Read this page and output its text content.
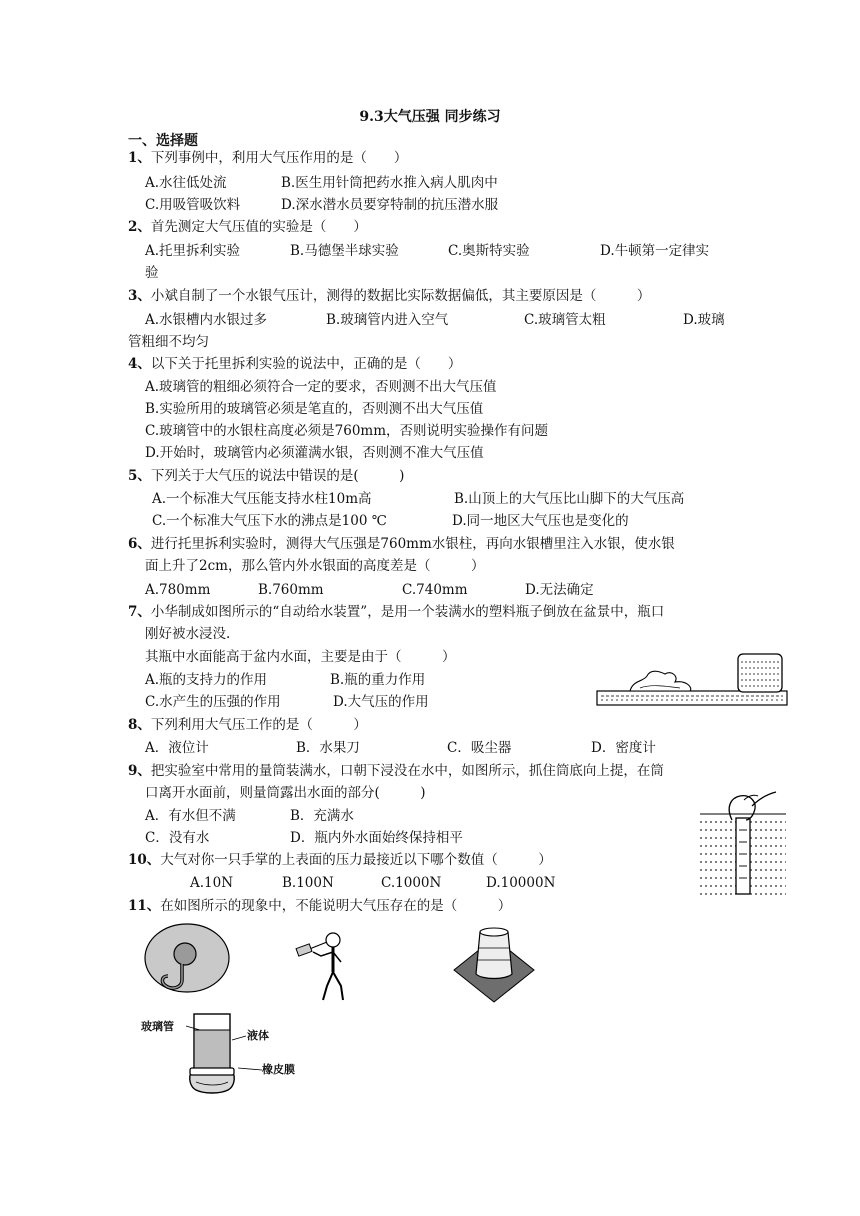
9.3大气压强 同步练习
一、选择题
1、下列事例中，利用大气压作用的是（　　）
A.水往低处流	B.医生用针筒把药水推入病人肌肉中
C.用吸管吸饮料	D.深水潜水员要穿特制的抗压潜水服
2、首先测定大气压值的实验是（　　）
A.托里拆利实验	B.马德堡半球实验	C.奥斯特实验	D.牛顿第一定律实
验
3、小斌自制了一个水银气压计，测得的数据比实际数据偏低，其主要原因是（　　　）
A.水银槽内水银过多	B.玻璃管内进入空气	C.玻璃管太粗	D.玻璃
管粗细不均匀
4、以下关于托里拆利实验的说法中，正确的是（　　）
A.玻璃管的粗细必须符合一定的要求，否则测不出大气压值
B.实验所用的玻璃管必须是笔直的，否则测不出大气压值
C.玻璃管中的水银柱高度必须是760mm，否则说明实验操作有问题
D.开始时，玻璃管内必须灌满水银，否则测不准大气压值
5、下列关于大气压的说法中错误的是(　　　)
A.一个标准大气压能支持水柱10m高	B.山顶上的大气压比山脚下的大气压高
C.一个标准大气压下水的沸点是100 ℃	D.同一地区大气压也是变化的
6、进行托里拆利实验时，测得大气压强是760mm水银柱，再向水银槽里注入水银，使水银
面上升了2cm，那么管内外水银面的高度差是（　　　）
A.780mm	B.760mm	C.740mm	D.无法确定
7、小华制成如图所示的“自动给水装置”，是用一个装满水的塑料瓶子倒放在盆景中，瓶口
刚好被水浸没.
其瓶中水面能高于盆内水面，主要是由于（　　　）
A.瓶的支持力的作用	B.瓶的重力作用
C.水产生的压强的作用	D.大气压的作用
8、下列利用大气压工作的是（　　　）
A．液位计	B．水果刀	C．吸尘器	D．密度计
9、把实验室中常用的量筒装满水，口朝下浸没在水中，如图所示，抓住筒底向上提，在筒
口离开水面前，则量筒露出水面的部分(　　　)
A．有水但不满	B．充满水
C．没有水	D．瓶内外水面始终保持相平
10、大气对你一只手掌的上表面的压力最接近以下哪个数值（　　　）
A.10N	B.100N	C.1000N	D.10000N
11、在如图所示的现象中，不能说明大气压存在的是（　　　）
玻璃管
液体
橡皮膜
